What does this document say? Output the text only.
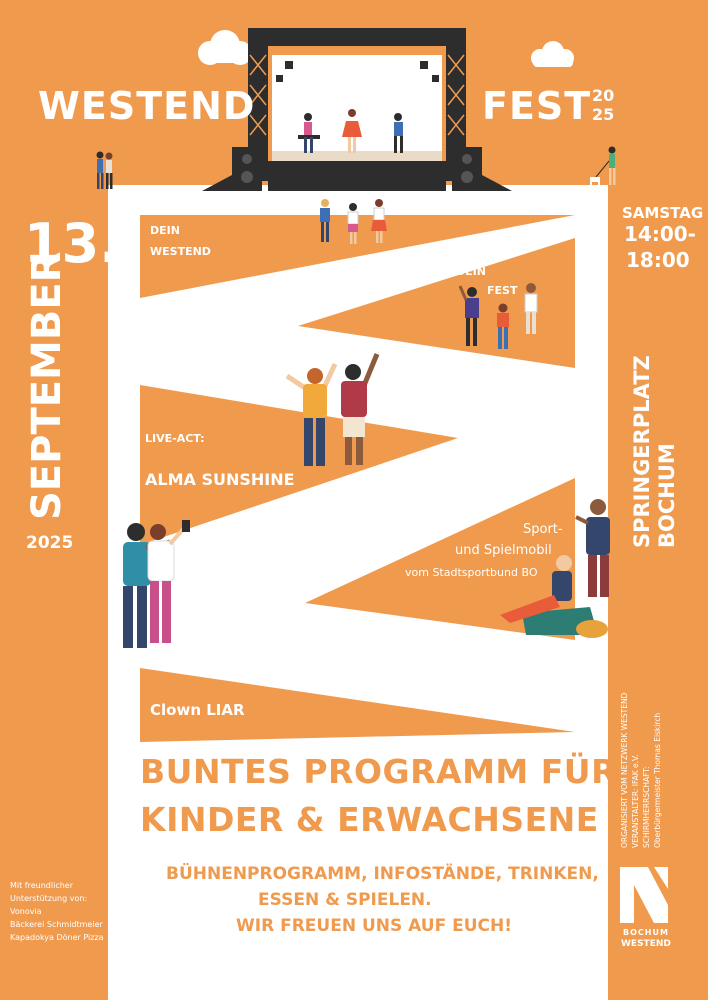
WESTEND	FEST 20
25
13.
SEPTEMBER
2025
SAMSTAG
14:00-
18:00
SPRINGERPLATZ BOCHUM
DEIN
WESTEND
DEIN
FEST
LIVE-ACT:
ALMA SUNSHINE
Sport-
und Spielmobil
vom Stadtsportbund BO
Clown LIAR
BUNTES PROGRAMM FÜR
KINDER & ERWACHSENE
BÜHNENPROGRAMM, INFOSTÄNDE, TRINKEN,
ESSEN & SPIELEN.
WIR FREUEN UNS AUF EUCH!
Mit freundlicher
Unterstützung von:
Vonovia
Bäckerei Schmidtmeier
Kapadokya Döner Pizza
ORGANISIERT VOM NETZWERK WESTEND VERANSTALTER: IFAK e.V. SCHIRMHERRSCHAFT: Oberbürgermeister Thomas Eiskirch
BOCHUM
WESTEND
